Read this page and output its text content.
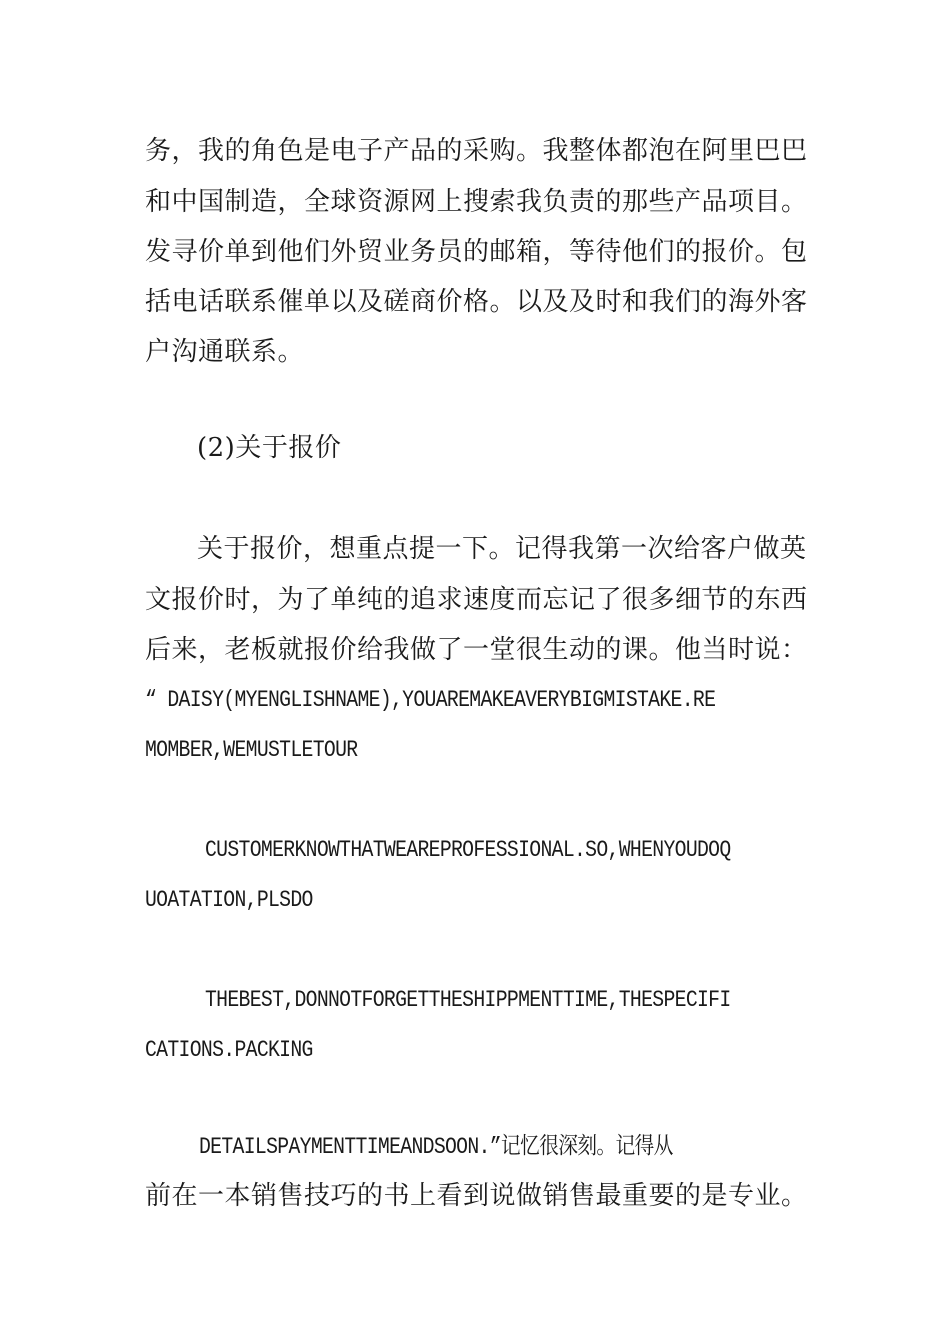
务，我的角色是电子产品的采购。我整体都泡在阿里巴巴
和中国制造，全球资源网上搜索我负责的那些产品项目。
发寻价单到他们外贸业务员的邮箱，等待他们的报价。包
括电话联系催单以及磋商价格。以及及时和我们的海外客
户沟通联系。
(2)关于报价
关于报价，想重点提一下。记得我第一次给客户做英
文报价时，为了单纯的追求速度而忘记了很多细节的东西
后来，老板就报价给我做了一堂很生动的课。他当时说：
“ DAISY(MYENGLISHNAME),YOUAREMAKEAVERYBIGMISTAKE.RE
MOMBER,WEMUSTLETOUR
CUSTOMERKNOWTHATWEAREPROFESSIONAL.SO,WHENYOUDOQ
UOATATION,PLSDO
THEBEST,DONNOTFORGETTHESHIPPMENTTIME,THESPECIFI
CATIONS.PACKING
DETAILSPAYMENTTIMEANDSOON.”记忆很深刻。记得从
前在一本销售技巧的书上看到说做销售最重要的是专业。
